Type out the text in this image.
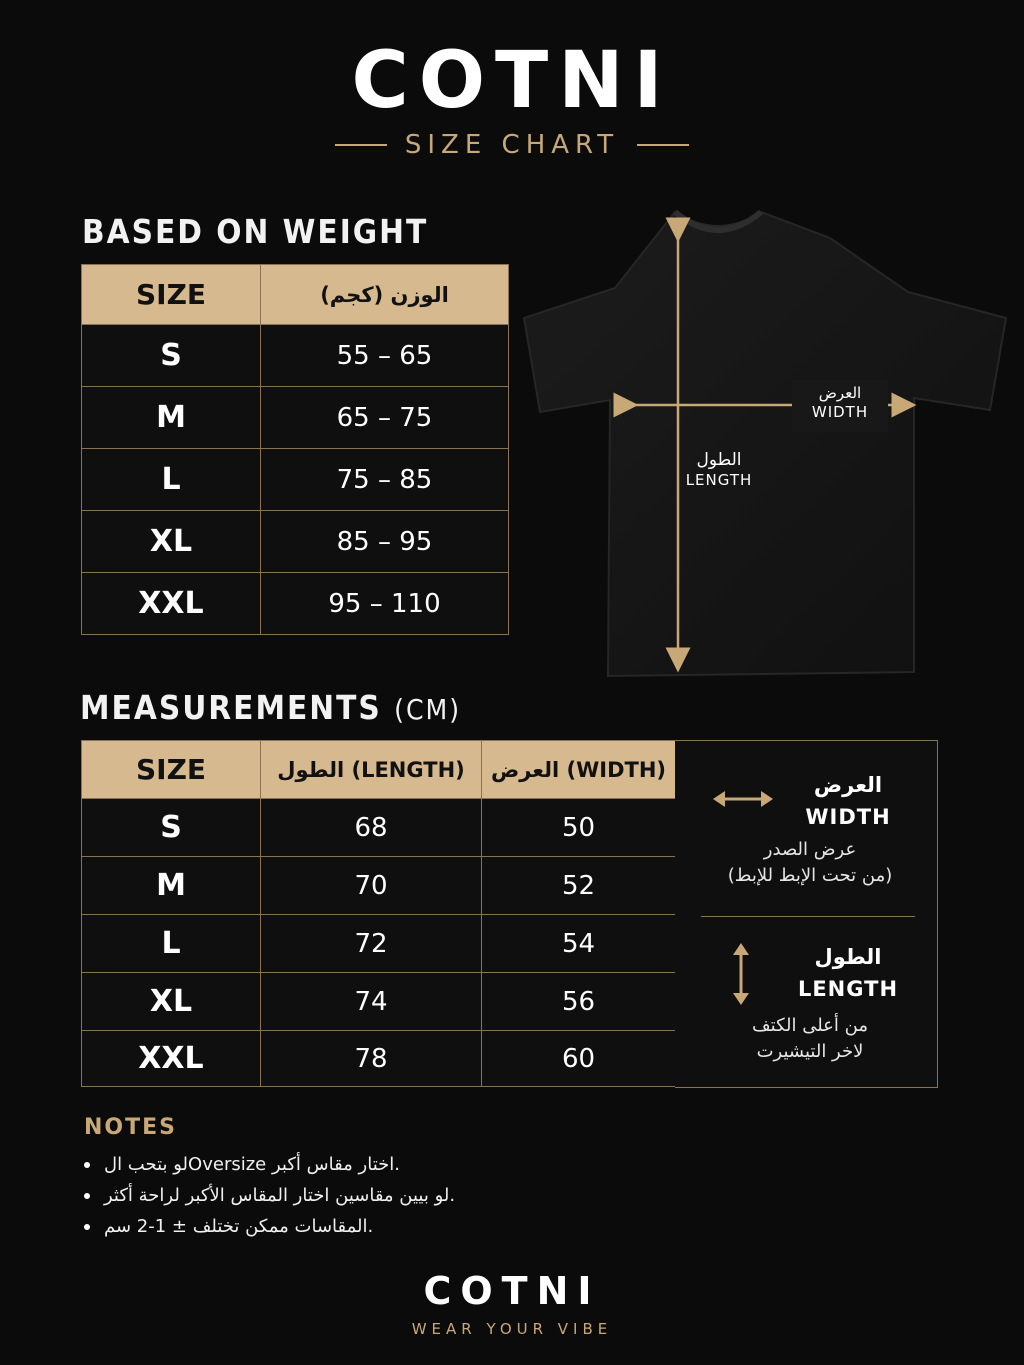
COTNI
SIZE CHART
BASED ON WEIGHT
SIZE	الوزن (كجم)
S	55 – 65
M	65 – 75
L	75 – 85
XL	85 – 95
XXL	95 – 110
العرض
WIDTH
الطول
LENGTH
MEASUREMENTS (CM)
SIZE	الطول (LENGTH)	العرض (WIDTH)
S	68	50
M	70	52
L	72	54
XL	74	56
XXL	78	60
العرض
WIDTH
عرض الصدر
(من تحت الإبط للإبط)
الطول
LENGTH
من أعلى الكتف
لاخر التيشيرت
NOTES
لو بتحب الOversize اختار مقاس أكبر.
لو بيين مقاسين اختار المقاس الأكبر لراحة أكثر.
المقاسات ممكن تختلف ± 1-2 سم.
COTNI
WEAR YOUR VIBE
